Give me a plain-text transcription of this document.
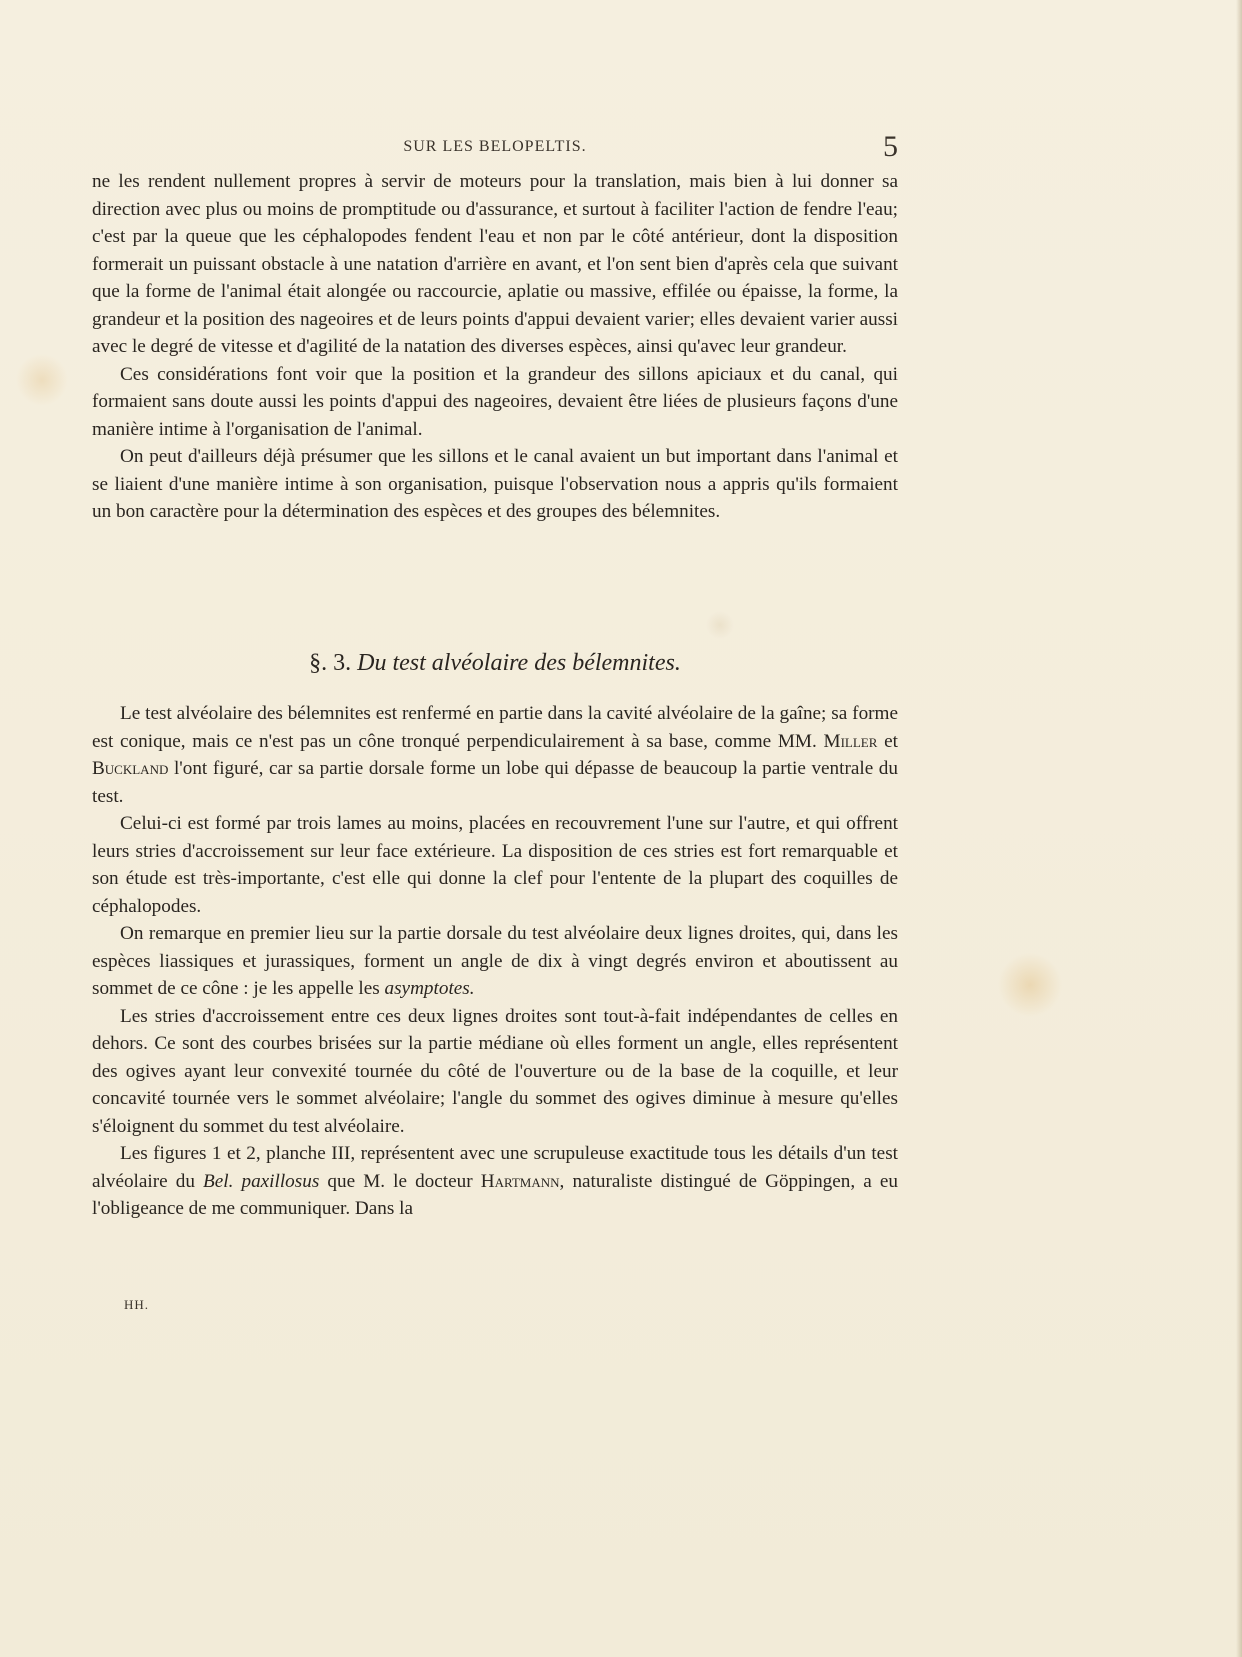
SUR LES BELOPELTIS.	5

ne les rendent nullement propres à servir de moteurs pour la translation, mais bien à lui donner sa direction avec plus ou moins de promptitude ou d'assurance, et surtout à faciliter l'action de fendre l'eau; c'est par la queue que les céphalopodes fendent l'eau et non par le côté antérieur, dont la disposition formerait un puissant obstacle à une natation d'arrière en avant, et l'on sent bien d'après cela que suivant que la forme de l'animal était alongée ou raccourcie, aplatie ou massive, effilée ou épaisse, la forme, la grandeur et la position des nageoires et de leurs points d'appui devaient varier; elles devaient varier aussi avec le degré de vitesse et d'agilité de la natation des diverses espèces, ainsi qu'avec leur grandeur.

Ces considérations font voir que la position et la grandeur des sillons apiciaux et du canal, qui formaient sans doute aussi les points d'appui des nageoires, devaient être liées de plusieurs façons d'une manière intime à l'organisation de l'animal.

On peut d'ailleurs déjà présumer que les sillons et le canal avaient un but important dans l'animal et se liaient d'une manière intime à son organisation, puisque l'observation nous a appris qu'ils formaient un bon caractère pour la détermination des espèces et des groupes des bélemnites.

§. 3. Du test alvéolaire des bélemnites.

Le test alvéolaire des bélemnites est renfermé en partie dans la cavité alvéolaire de la gaîne; sa forme est conique, mais ce n'est pas un cône tronqué perpendiculairement à sa base, comme MM. Miller et Buckland l'ont figuré, car sa partie dorsale forme un lobe qui dépasse de beaucoup la partie ventrale du test.

Celui-ci est formé par trois lames au moins, placées en recouvrement l'une sur l'autre, et qui offrent leurs stries d'accroissement sur leur face extérieure. La disposition de ces stries est fort remarquable et son étude est très-importante, c'est elle qui donne la clef pour l'entente de la plupart des coquilles de céphalopodes.

On remarque en premier lieu sur la partie dorsale du test alvéolaire deux lignes droites, qui, dans les espèces liassiques et jurassiques, forment un angle de dix à vingt degrés environ et aboutissent au sommet de ce cône : je les appelle les asymptotes.

Les stries d'accroissement entre ces deux lignes droites sont tout-à-fait indépendantes de celles en dehors. Ce sont des courbes brisées sur la partie médiane où elles forment un angle, elles représentent des ogives ayant leur convexité tournée du côté de l'ouverture ou de la base de la coquille, et leur concavité tournée vers le sommet alvéolaire; l'angle du sommet des ogives diminue à mesure qu'elles s'éloignent du sommet du test alvéolaire.

Les figures 1 et 2, planche III, représentent avec une scrupuleuse exactitude tous les détails d'un test alvéolaire du Bel. paxillosus que M. le docteur Hartmann, naturaliste distingué de Göppingen, a eu l'obligeance de me communiquer. Dans la

HH.
